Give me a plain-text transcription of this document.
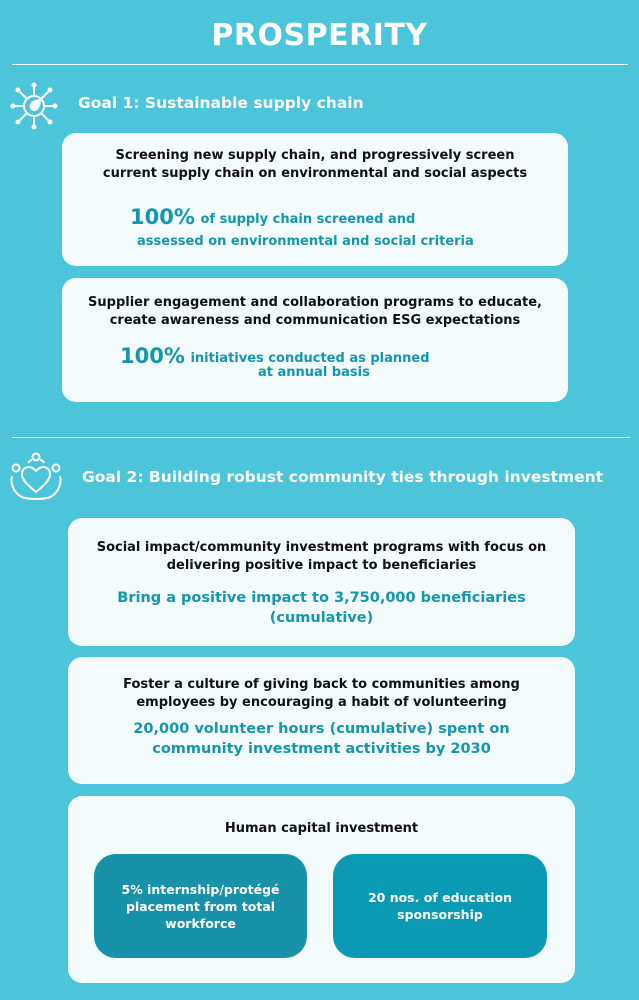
PROSPERITY
Goal 1: Sustainable supply chain
Screening new supply chain, and progressively screen current supply chain on environmental and social aspects
100% of supply chain screened and
assessed on environmental and social criteria
Supplier engagement and collaboration programs to educate, create awareness and communication ESG expectations
100% initiatives conducted as planned
at annual basis
Goal 2: Building robust community ties through investment
Social impact/community investment programs with focus on delivering positive impact to beneficiaries
Bring a positive impact to 3,750,000 beneficiaries (cumulative)
Foster a culture of giving back to communities among employees by encouraging a habit of volunteering
20,000 volunteer hours (cumulative) spent on community investment activities by 2030
Human capital investment
5% internship/protégé placement from total workforce
20 nos. of education sponsorship
